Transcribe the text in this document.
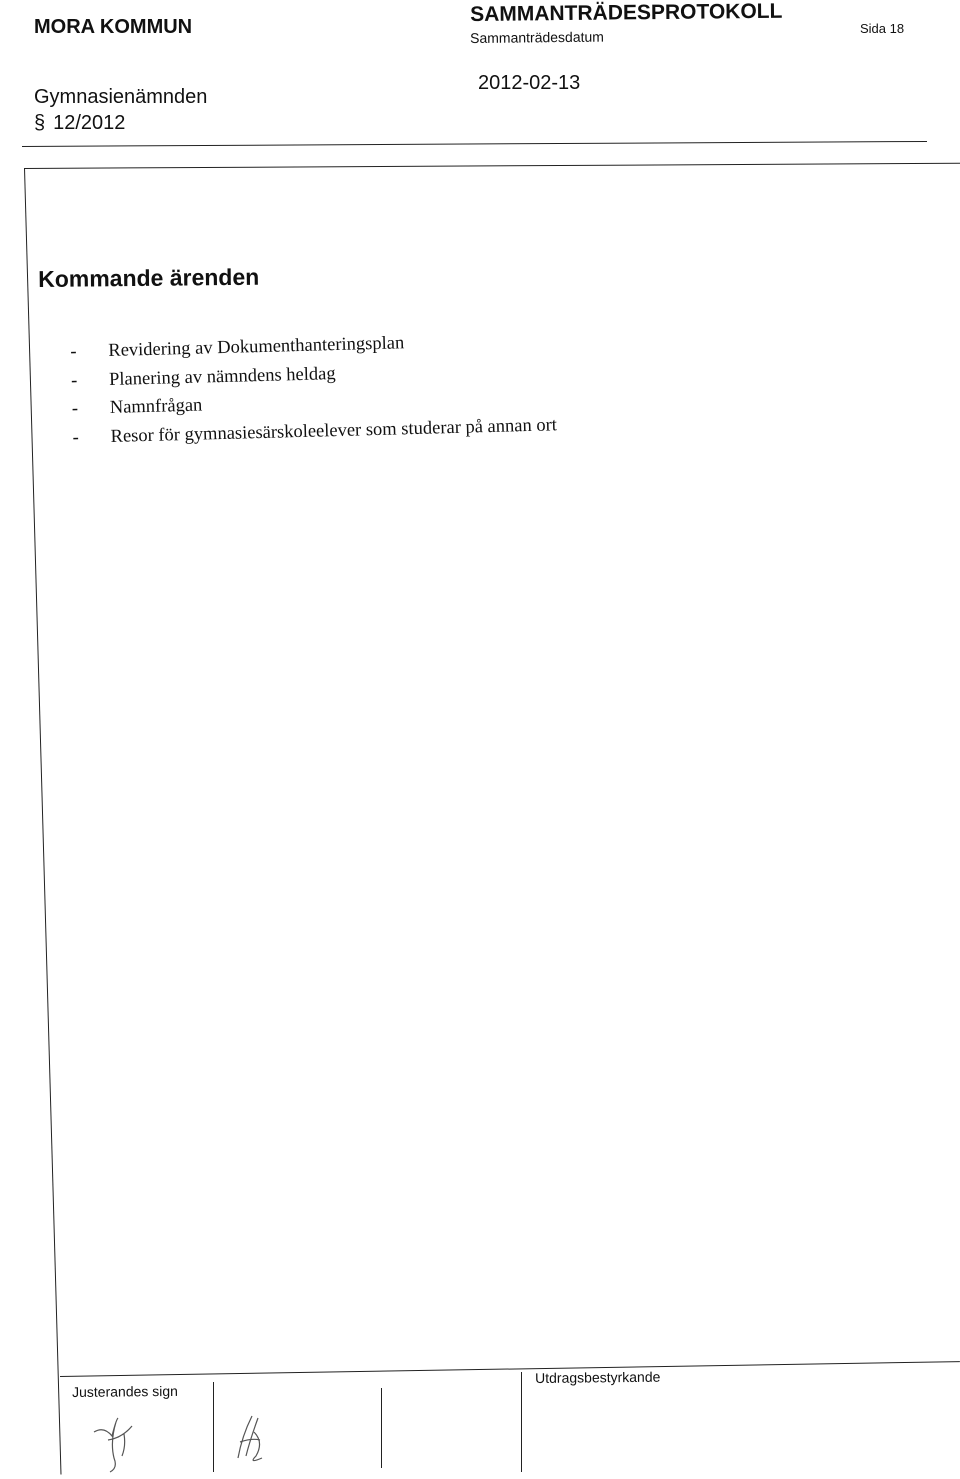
MORA KOMMUN
SAMMANTRÄDESPROTOKOLL
Sammanträdesdatum
Sida 18
Gymnasienämnden
2012-02-13
§ 12/2012
Kommande ärenden
- Revidering av Dokumenthanteringsplan
- Planering av nämndens heldag
- Namnfrågan
- Resor för gymnasiesärskoleelever som studerar på annan ort
Justerandes sign
Utdragsbestyrkande
